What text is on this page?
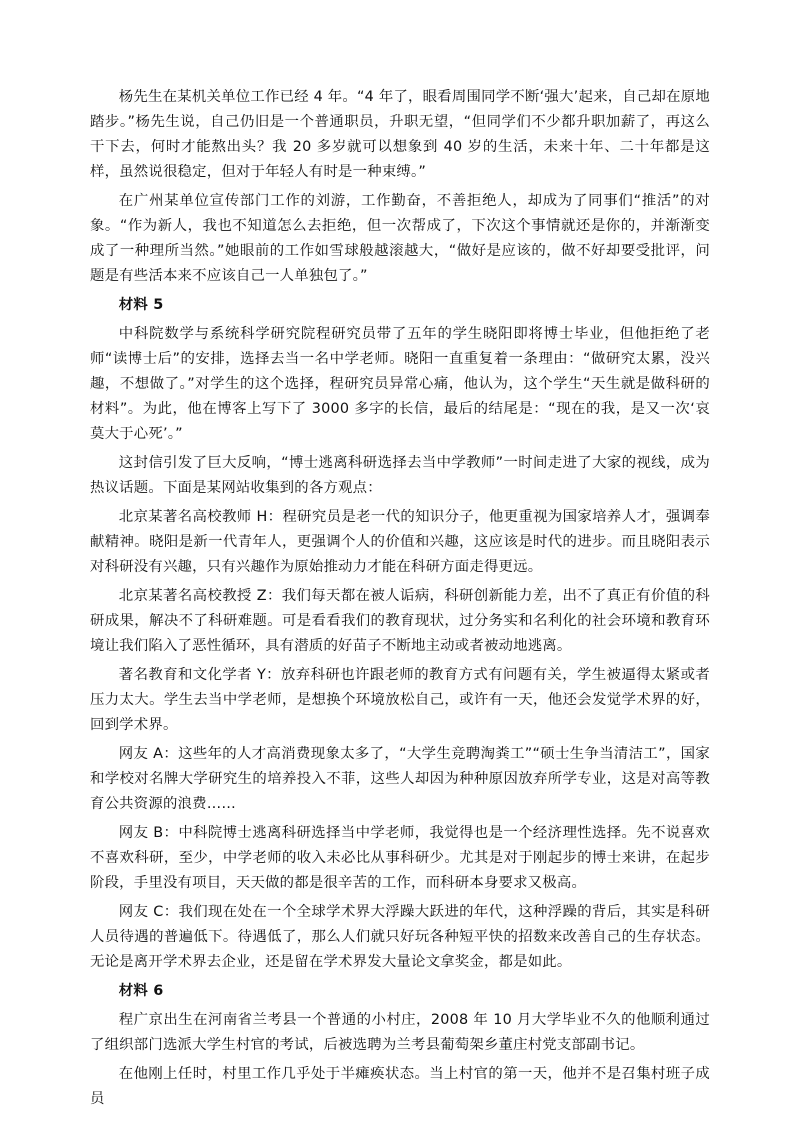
杨先生在某机关单位工作已经 4 年。“4 年了，眼看周围同学不断‘强大’起来，自己却在原地踏步。”杨先生说，自己仍旧是一个普通职员，升职无望，“但同学们不少都升职加薪了，再这么干下去，何时才能熬出头？我 20 多岁就可以想象到 40 岁的生活，未来十年、二十年都是这样，虽然说很稳定，但对于年轻人有时是一种束缚。”

在广州某单位宣传部门工作的刘游，工作勤奋，不善拒绝人，却成为了同事们“推活”的对象。“作为新人，我也不知道怎么去拒绝，但一次帮成了，下次这个事情就还是你的，并渐渐变成了一种理所当然。”她眼前的工作如雪球般越滚越大，“做好是应该的，做不好却要受批评，问题是有些活本来不应该自己一人单独包了。”

材料 5

中科院数学与系统科学研究院程研究员带了五年的学生晓阳即将博士毕业，但他拒绝了老师“读博士后”的安排，选择去当一名中学老师。晓阳一直重复着一条理由：“做研究太累，没兴趣，不想做了。”对学生的这个选择，程研究员异常心痛，他认为，这个学生“天生就是做科研的材料”。为此，他在博客上写下了 3000 多字的长信，最后的结尾是：“现在的我，是又一次‘哀莫大于心死’。”

这封信引发了巨大反响，“博士逃离科研选择去当中学教师”一时间走进了大家的视线，成为热议话题。下面是某网站收集到的各方观点：

北京某著名高校教师 H：程研究员是老一代的知识分子，他更重视为国家培养人才，强调奉献精神。晓阳是新一代青年人，更强调个人的价值和兴趣，这应该是时代的进步。而且晓阳表示对科研没有兴趣，只有兴趣作为原始推动力才能在科研方面走得更远。

北京某著名高校教授 Z：我们每天都在被人诟病，科研创新能力差，出不了真正有价值的科研成果，解决不了科研难题。可是看看我们的教育现状，过分务实和名利化的社会环境和教育环境让我们陷入了恶性循环，具有潜质的好苗子不断地主动或者被动地逃离。

著名教育和文化学者 Y：放弃科研也许跟老师的教育方式有问题有关，学生被逼得太紧或者压力太大。学生去当中学老师，是想换个环境放松自己，或许有一天，他还会发觉学术界的好，回到学术界。

网友 A：这些年的人才高消费现象太多了，“大学生竞聘淘粪工”“硕士生争当清洁工”，国家和学校对名牌大学研究生的培养投入不菲，这些人却因为种种原因放弃所学专业，这是对高等教育公共资源的浪费……

网友 B：中科院博士逃离科研选择当中学老师，我觉得也是一个经济理性选择。先不说喜欢不喜欢科研，至少，中学老师的收入未必比从事科研少。尤其是对于刚起步的博士来讲，在起步阶段，手里没有项目，天天做的都是很辛苦的工作，而科研本身要求又极高。

网友 C：我们现在处在一个全球学术界大浮躁大跃进的年代，这种浮躁的背后，其实是科研人员待遇的普遍低下。待遇低了，那么人们就只好玩各种短平快的招数来改善自己的生存状态。无论是离开学术界去企业，还是留在学术界发大量论文拿奖金，都是如此。

材料 6

程广京出生在河南省兰考县一个普通的小村庄，2008 年 10 月大学毕业不久的他顺利通过了组织部门选派大学生村官的考试，后被选聘为兰考县葡萄架乡董庄村党支部副书记。

在他刚上任时，村里工作几乎处于半瘫痪状态。当上村官的第一天，他并不是召集村班子成员
